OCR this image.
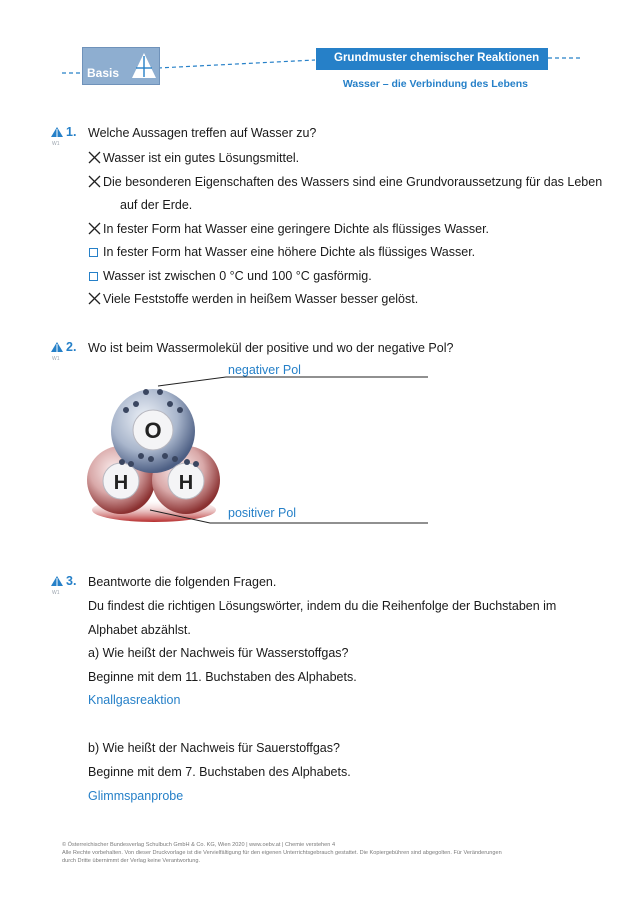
Basis
Grundmuster chemischer Reaktionen
Wasser – die Verbindung des Lebens
W1
1. Welche Aussagen treffen auf Wasser zu?
Wasser ist ein gutes Lösungsmittel.
Die besonderen Eigenschaften des Wassers sind eine Grundvoraussetzung für das Leben
auf der Erde.
In fester Form hat Wasser eine geringere Dichte als flüssiges Wasser.
In fester Form hat Wasser eine höhere Dichte als flüssiges Wasser.
Wasser ist zwischen 0 °C und 100 °C gasförmig.
Viele Feststoffe werden in heißem Wasser besser gelöst.
W1
2. Wo ist beim Wassermolekül der positive und wo der negative Pol?
O
H	H
negativer Pol
positiver Pol
W1
3. Beantworte die folgenden Fragen.
Du findest die richtigen Lösungswörter, indem du die Reihenfolge der Buchstaben im
Alphabet abzählst.
a) Wie heißt der Nachweis für Wasserstoffgas?
Beginne mit dem 11. Buchstaben des Alphabets.
Knallgasreaktion
b) Wie heißt der Nachweis für Sauerstoffgas?
Beginne mit dem 7. Buchstaben des Alphabets.
Glimmspanprobe
© Österreichischer Bundesverlag Schulbuch GmbH & Co. KG, Wien 2020 | www.oebv.at | Chemie verstehen 4
Alle Rechte vorbehalten. Von dieser Druckvorlage ist die Vervielfältigung für den eigenen Unterrichtsgebrauch gestattet. Die Kopiergebühren sind abgegolten. Für Veränderungen
durch Dritte übernimmt der Verlag keine Verantwortung.
